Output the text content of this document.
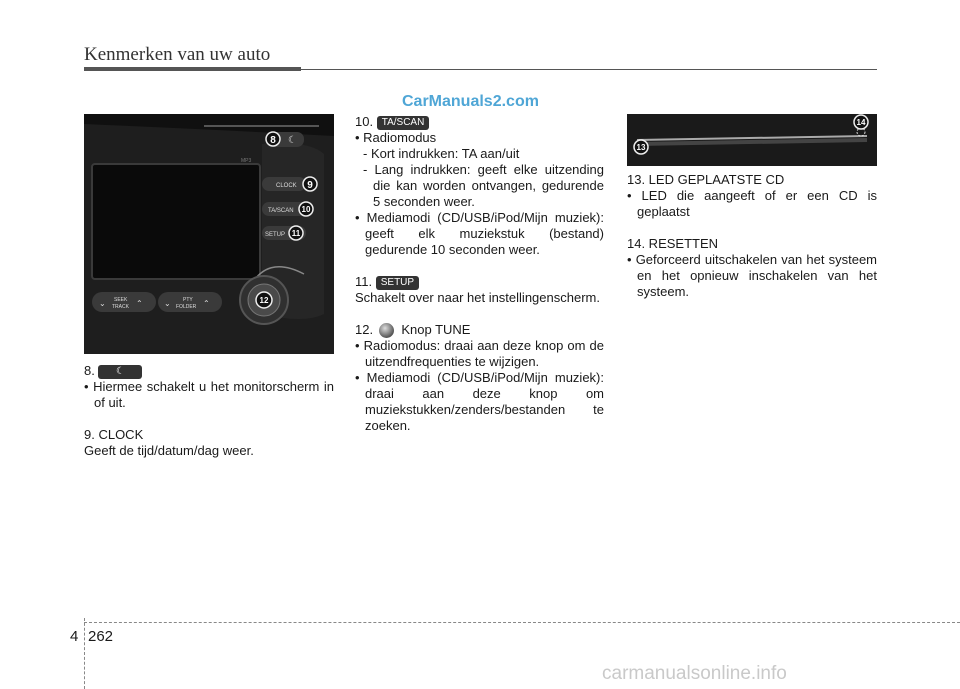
Kenmerken van uw auto
CarManuals2.com
☾
CLOCK
TA/SCAN
SETUP
MP3
⌄ SEEK
TRACK ⌃	⌄ PTY
FOLDER ⌃
8
9
10
11
12

8. ☾

• Hiermee schakelt u het monitorscherm in of uit.

9. CLOCK

Geeft de tijd/datum/dag weer.

10. TA/SCAN

• Radiomodus

- Kort indrukken: TA aan/uit

- Lang indrukken: geeft elke uitzending die kan worden ontvangen, gedurende 5 seconden weer.

• Mediamodi (CD/USB/iPod/Mijn muziek): geeft elk muziekstuk (bestand) gedurende 10 seconden weer.

11. SETUP

Schakelt over naar het instellingenscherm.

12. Knop TUNE

• Radiomodus: draai aan deze knop om de uitzendfrequenties te wijzigen.

• Mediamodi (CD/USB/iPod/Mijn muziek): draai aan deze knop om muziekstukken/zenders/bestanden te zoeken.

13
14

13. LED GEPLAATSTE CD

• LED die aangeeft of er een CD is geplaatst

14. RESETTEN

• Geforceerd uitschakelen van het systeem en het opnieuw inschakelen van het systeem.

4 262
carmanualsonline.info
